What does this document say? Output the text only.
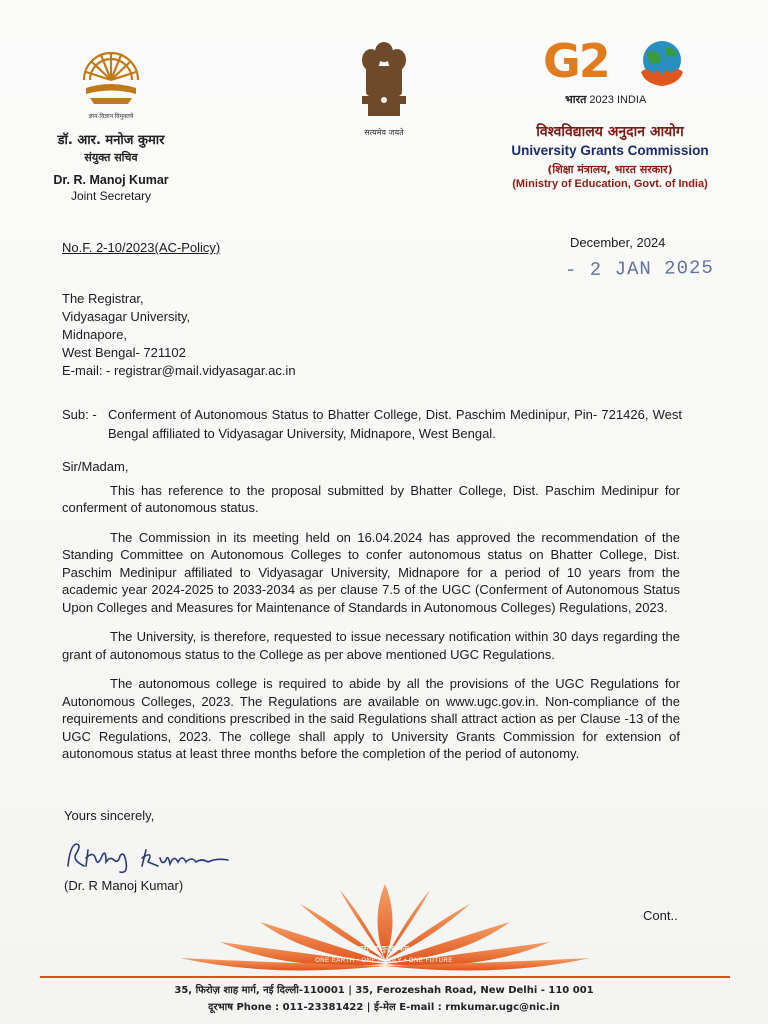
ज्ञान-विज्ञान विमुक्तये
डॉ. आर. मनोज कुमार
संयुक्त सचिव
Dr. R. Manoj Kumar
Joint Secretary
सत्यमेव जयते
G2
भारत 2023 INDIA
विश्वविद्यालय अनुदान आयोग
University Grants Commission
(शिक्षा मंत्रालय, भारत सरकार)
(Ministry of Education, Govt. of India)
No.F. 2-10/2023(AC-Policy)	December, 2024
- 2 JAN 2025
The Registrar,
Vidyasagar University,
Midnapore,
West Bengal- 721102
E-mail: - registrar@mail.vidyasagar.ac.in
Sub: - Conferment of Autonomous Status to Bhatter College, Dist. Paschim Medinipur, Pin- 721426, West Bengal affiliated to Vidyasagar University, Midnapore, West Bengal.

Sir/Madam,

This has reference to the proposal submitted by Bhatter College, Dist. Paschim Medinipur for conferment of autonomous status.

The Commission in its meeting held on 16.04.2024 has approved the recommendation of the Standing Committee on Autonomous Colleges to confer autonomous status on Bhatter College, Dist. Paschim Medinipur affiliated to Vidyasagar University, Midnapore for a period of 10 years from the academic year 2024-2025 to 2033-2034 as per clause 7.5 of the UGC (Conferment of Autonomous Status Upon Colleges and Measures for Maintenance of Standards in Autonomous Colleges) Regulations, 2023.

The University, is therefore, requested to issue necessary notification within 30 days regarding the grant of autonomous status to the College as per above mentioned UGC Regulations.

The autonomous college is required to abide by all the provisions of the UGC Regulations for Autonomous Colleges, 2023. The Regulations are available on www.ugc.gov.in. Non-compliance of the requirements and conditions prescribed in the said Regulations shall attract action as per Clause -13 of the UGC Regulations, 2023. The college shall apply to University Grants Commission for extension of autonomous status at least three months before the completion of the period of autonomy.

Yours sincerely,
(Dr. R Manoj Kumar)
Cont..
वसुधैव कुटुम्बकम्
ONE EARTH • ONE FAMILY • ONE FUTURE
35, फिरोज़ शाह मार्ग, नई दिल्ली-110001 | 35, Ferozeshah Road, New Delhi - 110 001
दूरभाष Phone : 011-23381422 | ई-मेल E-mail : rmkumar.ugc@nic.in
